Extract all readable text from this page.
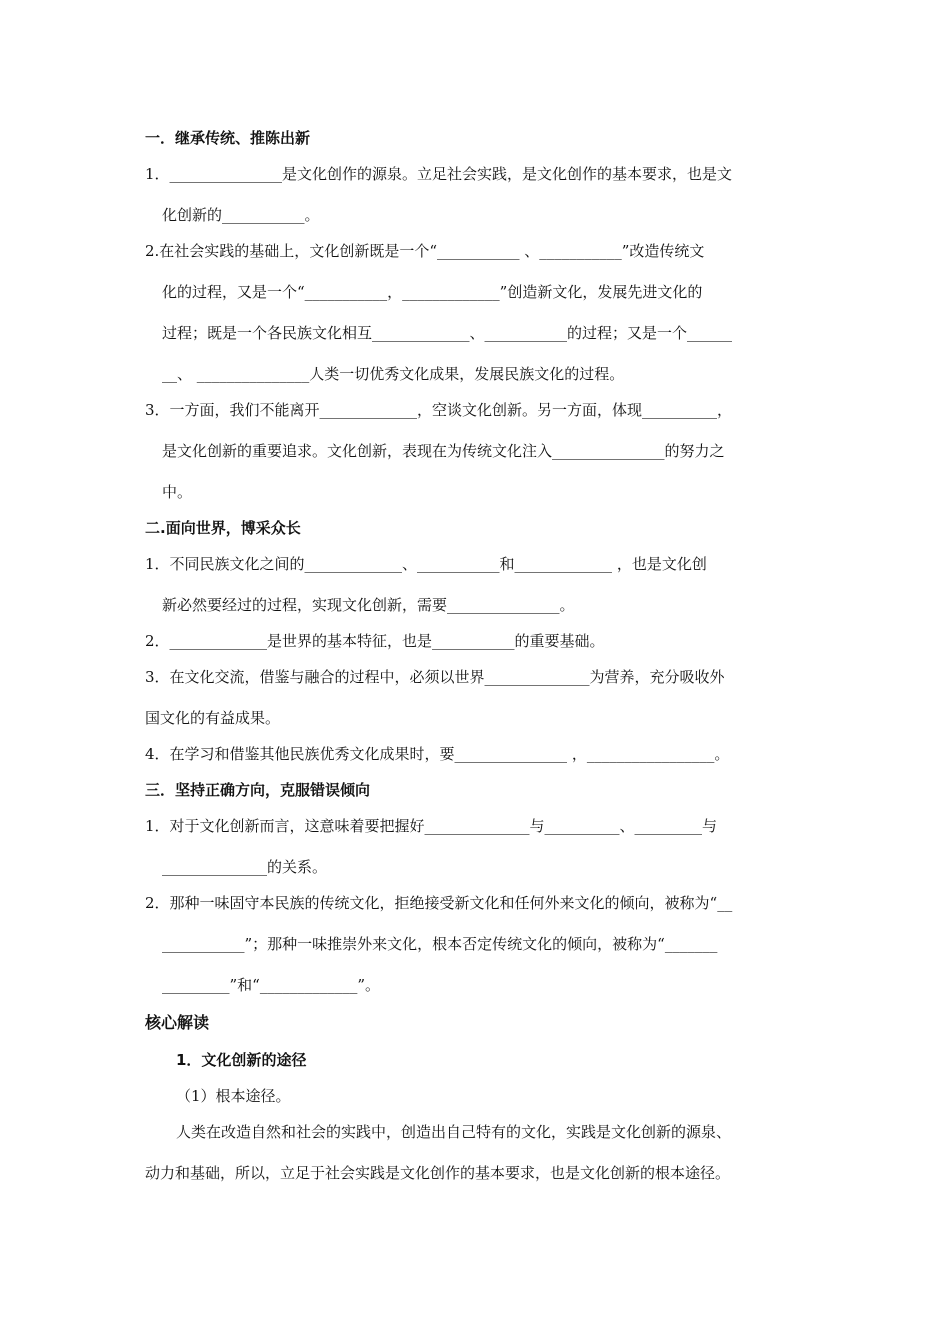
一．继承传统、推陈出新
1．_______________是文化创作的源泉。立足社会实践，是文化创作的基本要求，也是文
化创新的___________。
2.在社会实践的基础上，文化创新既是一个“___________ 、___________”改造传统文
化的过程，又是一个“___________，_____________”创造新文化，发展先进文化的
过程；既是一个各民族文化相互_____________、___________的过程；又是一个______
__、 _______________人类一切优秀文化成果，发展民族文化的过程。
3．一方面，我们不能离开_____________，空谈文化创新。另一方面，体现__________，
是文化创新的重要追求。文化创新，表现在为传统文化注入_______________的努力之
中。
二.面向世界，博采众长
1．不同民族文化之间的_____________、___________和_____________ ，也是文化创
新必然要经过的过程，实现文化创新，需要_______________。
2．_____________是世界的基本特征，也是___________的重要基础。
3．在文化交流，借鉴与融合的过程中，必须以世界______________为营养，充分吸收外
国文化的有益成果。
4．在学习和借鉴其他民族优秀文化成果时，要_______________ ，_________________。
三．坚持正确方向，克服错误倾向
1．对于文化创新而言，这意味着要把握好______________与__________、_________与
______________的关系。
2．那种一味固守本民族的传统文化，拒绝接受新文化和任何外来文化的倾向，被称为“__
___________”；那种一味推崇外来文化，根本否定传统文化的倾向，被称为“_______
_________”和“_____________”。
核心解读
1．文化创新的途径
（1）根本途径。
人类在改造自然和社会的实践中，创造出自己特有的文化，实践是文化创新的源泉、
动力和基础，所以，立足于社会实践是文化创作的基本要求，也是文化创新的根本途径。
